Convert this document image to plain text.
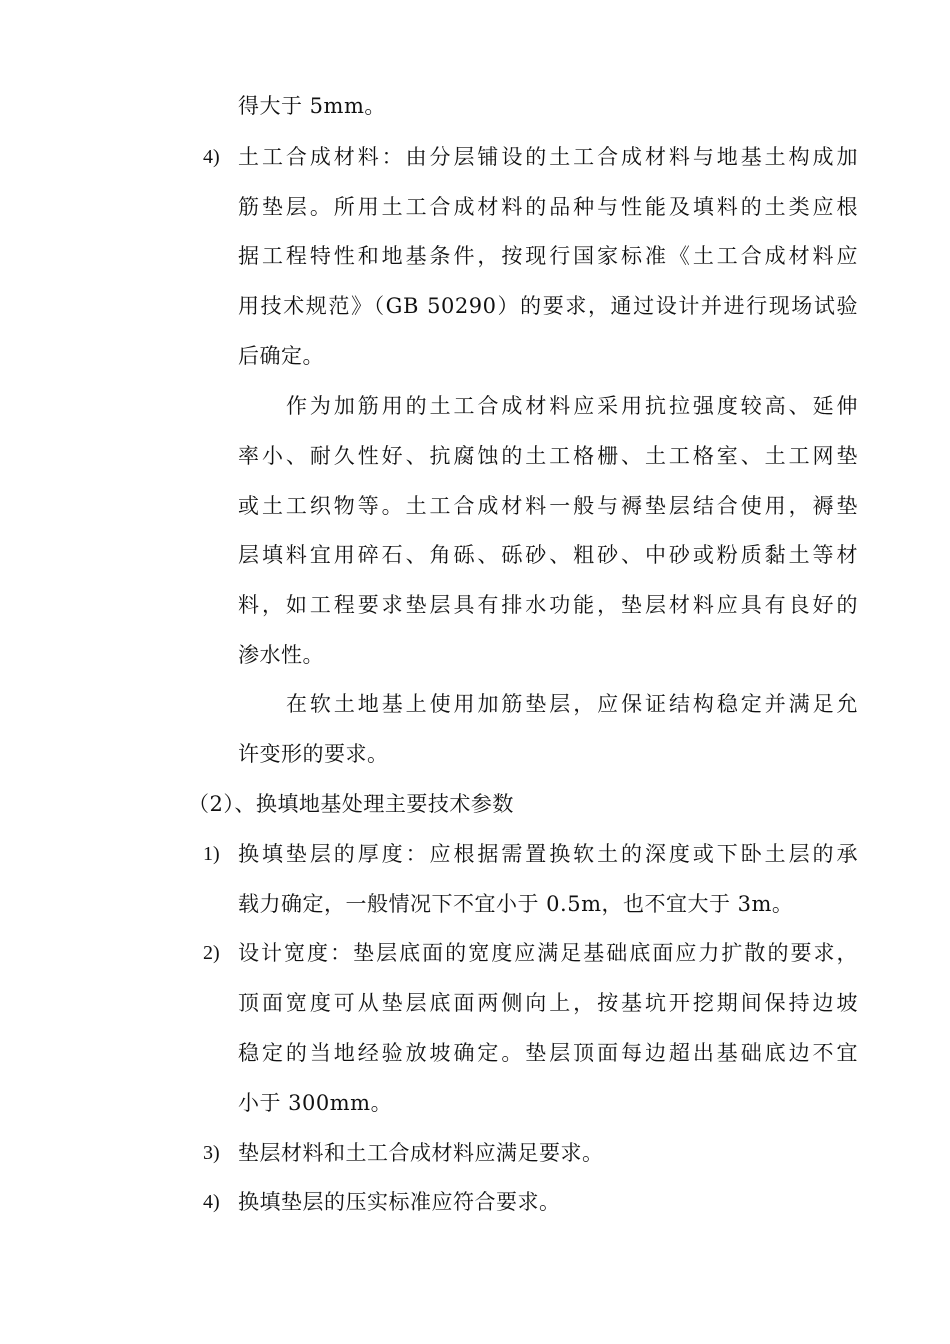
得大于 5mm。
4) 土工合成材料：由分层铺设的土工合成材料与地基土构成加
筋垫层。所用土工合成材料的品种与性能及填料的土类应根
据工程特性和地基条件，按现行国家标准《土工合成材料应
用技术规范》（GB 50290）的要求，通过设计并进行现场试验
后确定。
作为加筋用的土工合成材料应采用抗拉强度较高、延伸
率小、耐久性好、抗腐蚀的土工格栅、土工格室、土工网垫
或土工织物等。土工合成材料一般与褥垫层结合使用，褥垫
层填料宜用碎石、角砾、砾砂、粗砂、中砂或粉质黏土等材
料，如工程要求垫层具有排水功能，垫层材料应具有良好的
渗水性。
在软土地基上使用加筋垫层，应保证结构稳定并满足允
许变形的要求。
（2）、换填地基处理主要技术参数
1) 换填垫层的厚度：应根据需置换软土的深度或下卧土层的承
载力确定，一般情况下不宜小于 0.5m，也不宜大于 3m。
2) 设计宽度：垫层底面的宽度应满足基础底面应力扩散的要求，
顶面宽度可从垫层底面两侧向上，按基坑开挖期间保持边坡
稳定的当地经验放坡确定。垫层顶面每边超出基础底边不宜
小于 300mm。
3) 垫层材料和土工合成材料应满足要求。
4) 换填垫层的压实标准应符合要求。
